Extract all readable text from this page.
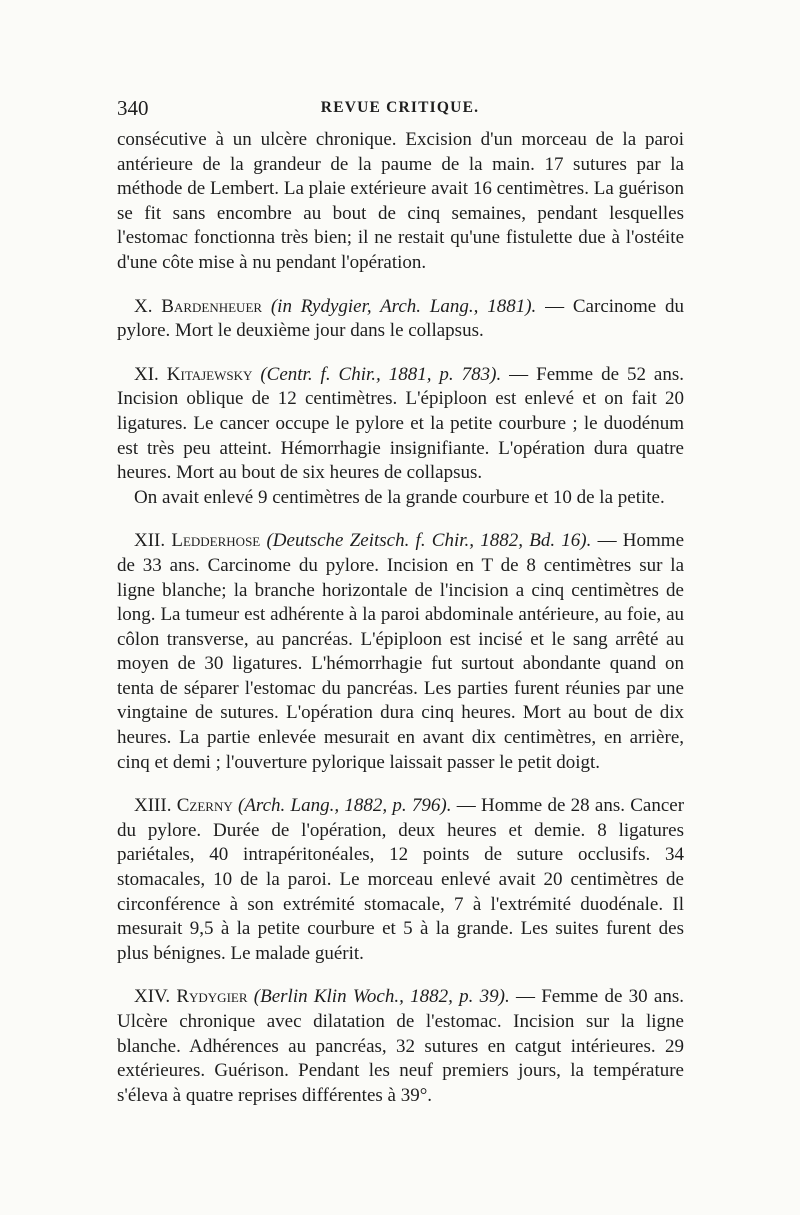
340	REVUE CRITIQUE.

consécutive à un ulcère chronique. Excision d'un morceau de la paroi antérieure de la grandeur de la paume de la main. 17 sutures par la méthode de Lembert. La plaie extérieure avait 16 centimètres. La guérison se fit sans encombre au bout de cinq semaines, pendant lesquelles l'estomac fonctionna très bien; il ne restait qu'une fistulette due à l'ostéite d'une côte mise à nu pendant l'opération.

X. Bardenheuer (in Rydygier, Arch. Lang., 1881). — Carcinome du pylore. Mort le deuxième jour dans le collapsus.

XI. Kitajewsky (Centr. f. Chir., 1881, p. 783). — Femme de 52 ans. Incision oblique de 12 centimètres. L'épiploon est enlevé et on fait 20 ligatures. Le cancer occupe le pylore et la petite courbure ; le duodénum est très peu atteint. Hémorrhagie insignifiante. L'opération dura quatre heures. Mort au bout de six heures de collapsus.

On avait enlevé 9 centimètres de la grande courbure et 10 de la petite.

XII. Ledderhose (Deutsche Zeitsch. f. Chir., 1882, Bd. 16). — Homme de 33 ans. Carcinome du pylore. Incision en T de 8 centimètres sur la ligne blanche; la branche horizontale de l'incision a cinq centimètres de long. La tumeur est adhérente à la paroi abdominale antérieure, au foie, au côlon transverse, au pancréas. L'épiploon est incisé et le sang arrêté au moyen de 30 ligatures. L'hémorrhagie fut surtout abondante quand on tenta de séparer l'estomac du pancréas. Les parties furent réunies par une vingtaine de sutures. L'opération dura cinq heures. Mort au bout de dix heures. La partie enlevée mesurait en avant dix centimètres, en arrière, cinq et demi ; l'ouverture pylorique laissait passer le petit doigt.

XIII. Czerny (Arch. Lang., 1882, p. 796). — Homme de 28 ans. Cancer du pylore. Durée de l'opération, deux heures et demie. 8 ligatures pariétales, 40 intrapéritonéales, 12 points de suture occlusifs. 34 stomacales, 10 de la paroi. Le morceau enlevé avait 20 centimètres de circonférence à son extrémité stomacale, 7 à l'extrémité duodénale. Il mesurait 9,5 à la petite courbure et 5 à la grande. Les suites furent des plus bénignes. Le malade guérit.

XIV. Rydygier (Berlin Klin Woch., 1882, p. 39). — Femme de 30 ans. Ulcère chronique avec dilatation de l'estomac. Incision sur la ligne blanche. Adhérences au pancréas, 32 sutures en catgut intérieures. 29 extérieures. Guérison. Pendant les neuf premiers jours, la température s'éleva à quatre reprises différentes à 39°.
